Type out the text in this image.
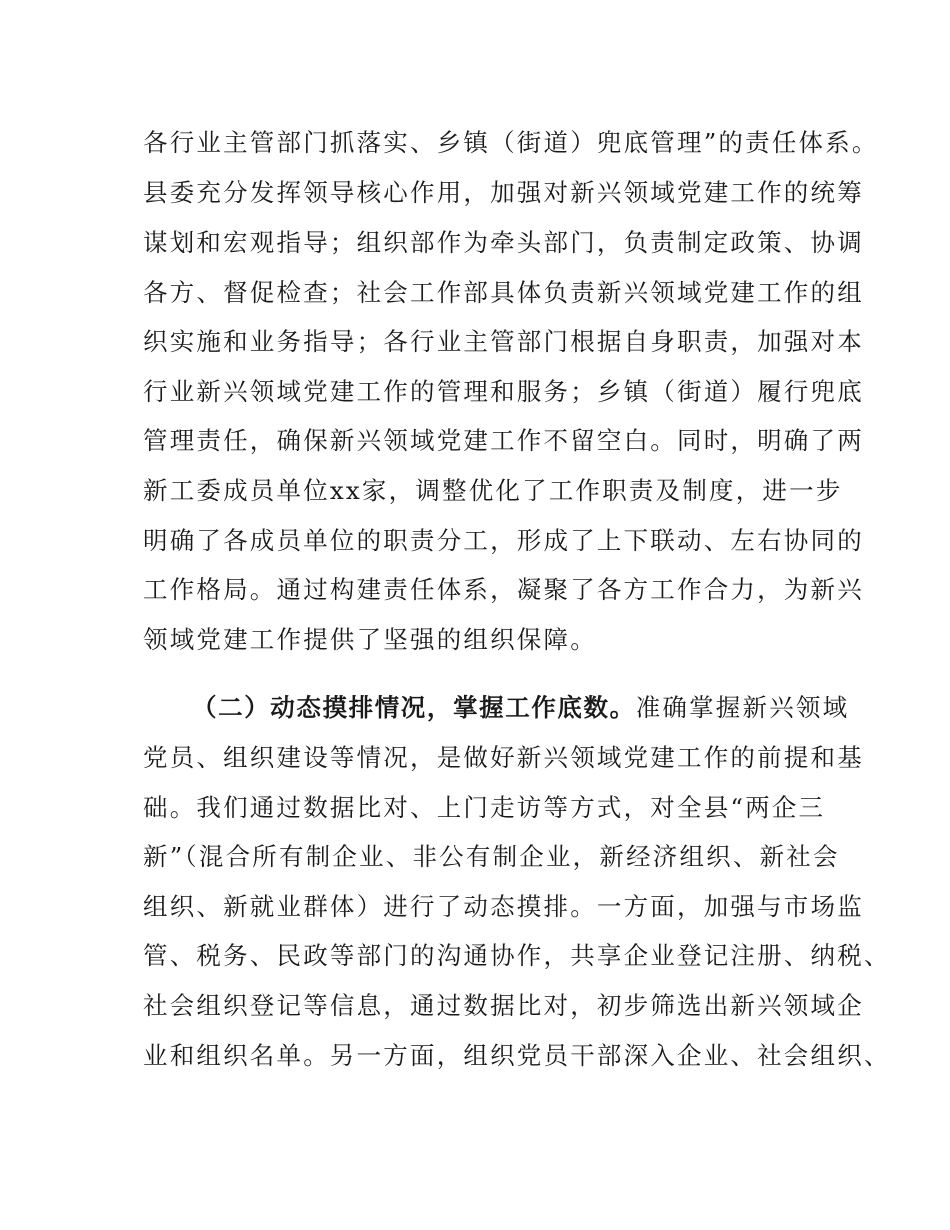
各行业主管部门抓落实、乡镇（街道）兜底管理”的责任体系。
县委充分发挥领导核心作用，加强对新兴领域党建工作的统筹
谋划和宏观指导；组织部作为牵头部门，负责制定政策、协调
各方、督促检查；社会工作部具体负责新兴领域党建工作的组
织实施和业务指导；各行业主管部门根据自身职责，加强对本
行业新兴领域党建工作的管理和服务；乡镇（街道）履行兜底
管理责任，确保新兴领域党建工作不留空白。同时，明确了两
新工委成员单位xx家，调整优化了工作职责及制度，进一步
明确了各成员单位的职责分工，形成了上下联动、左右协同的
工作格局。通过构建责任体系，凝聚了各方工作合力，为新兴
领域党建工作提供了坚强的组织保障。
（二）动态摸排情况，掌握工作底数。准确掌握新兴领域
党员、组织建设等情况，是做好新兴领域党建工作的前提和基
础。我们通过数据比对、上门走访等方式，对全县“两企三
新”（混合所有制企业、非公有制企业，新经济组织、新社会
组织、新就业群体）进行了动态摸排。一方面，加强与市场监
管、税务、民政等部门的沟通协作，共享企业登记注册、纳税、
社会组织登记等信息，通过数据比对，初步筛选出新兴领域企
业和组织名单。另一方面，组织党员干部深入企业、社会组织、
